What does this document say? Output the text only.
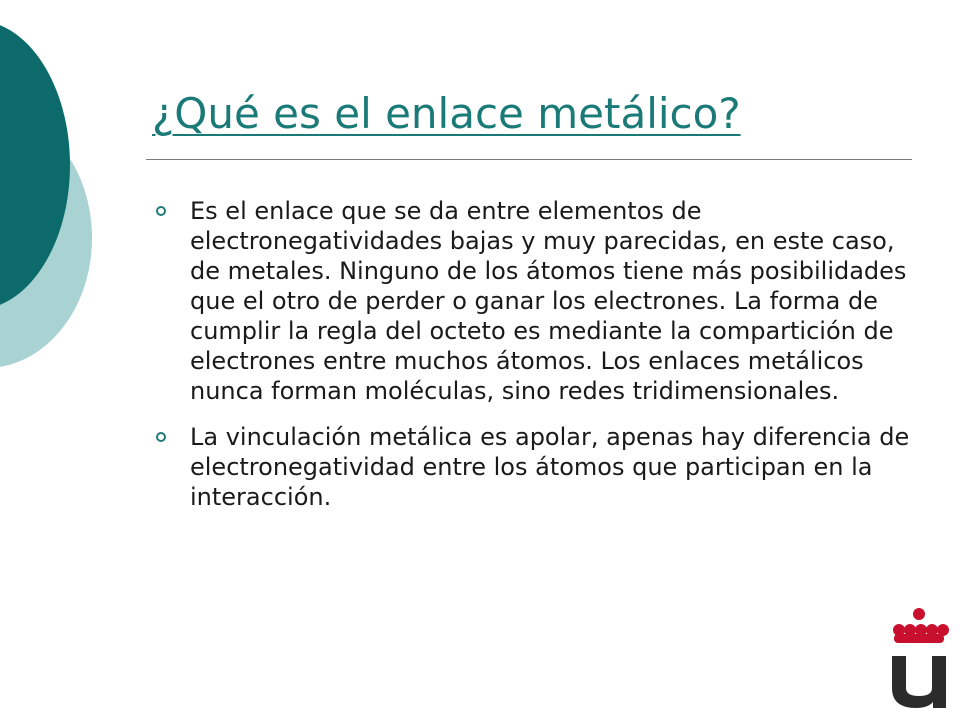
¿Qué es el enlace metálico?
Es el enlace que se da entre elementos de electronegatividades bajas y muy parecidas, en este caso, de metales. Ninguno de los átomos tiene más posibilidades que el otro de perder o ganar los electrones. La forma de cumplir la regla del octeto es mediante la compartición de electrones entre muchos átomos. Los enlaces metálicos nunca forman moléculas, sino redes tridimensionales.
La vinculación metálica es apolar, apenas hay diferencia de electronegatividad entre los átomos que participan en la interacción.
